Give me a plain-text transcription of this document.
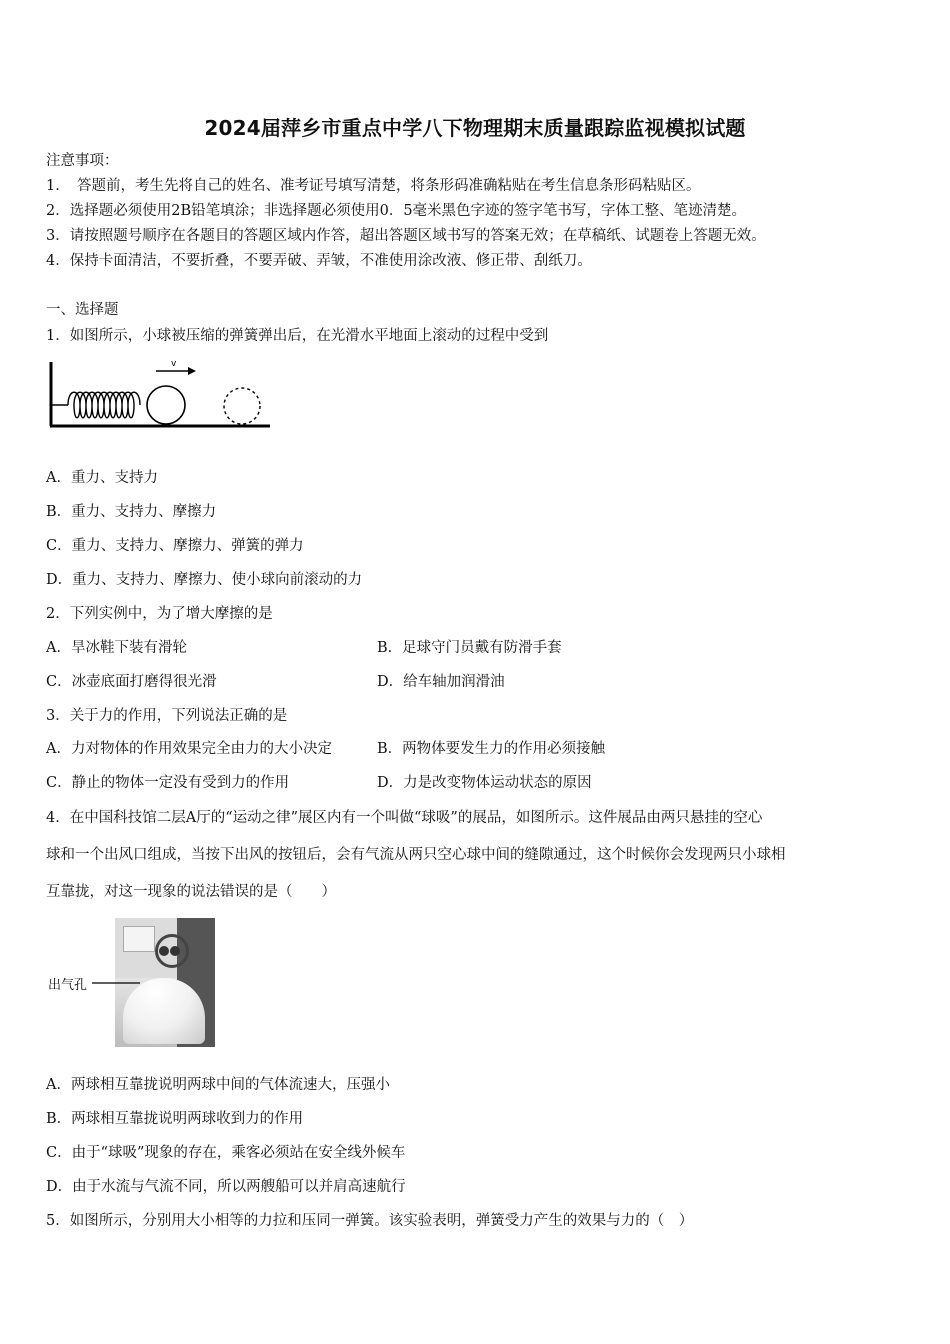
2024届萍乡市重点中学八下物理期末质量跟踪监视模拟试题
注意事项：
1．　答题前，考生先将自己的姓名、准考证号填写清楚，将条形码准确粘贴在考生信息条形码粘贴区。
2．选择题必须使用2B铅笔填涂；非选择题必须使用0．5毫米黑色字迹的签字笔书写，字体工整、笔迹清楚。
3．请按照题号顺序在各题目的答题区域内作答，超出答题区域书写的答案无效；在草稿纸、试题卷上答题无效。
4．保持卡面清洁，不要折叠，不要弄破、弄皱，不准使用涂改液、修正带、刮纸刀。
一、选择题
1．如图所示，小球被压缩的弹簧弹出后，在光滑水平地面上滚动的过程中受到
v
A．重力、支持力
B．重力、支持力、摩擦力
C．重力、支持力、摩擦力、弹簧的弹力
D．重力、支持力、摩擦力、使小球向前滚动的力
2．下列实例中，为了增大摩擦的是
A．旱冰鞋下装有滑轮	B．足球守门员戴有防滑手套
C．冰壶底面打磨得很光滑	D．给车轴加润滑油
3．关于力的作用，下列说法正确的是
A．力对物体的作用效果完全由力的大小决定	B．两物体要发生力的作用必须接触
C．静止的物体一定没有受到力的作用	D．力是改变物体运动状态的原因
4．在中国科技馆二层A厅的“运动之律”展区内有一个叫做“球吸”的展品，如图所示。这件展品由两只悬挂的空心
球和一个出风口组成，当按下出风的按钮后，会有气流从两只空心球中间的缝隙通过，这个时候你会发现两只小球相
互靠拢，对这一现象的说法错误的是（　　）
出气孔
A．两球相互靠拢说明两球中间的气体流速大，压强小
B．两球相互靠拢说明两球收到力的作用
C．由于“球吸”现象的存在，乘客必须站在安全线外候车
D．由于水流与气流不同，所以两艘船可以并肩高速航行
5．如图所示，分别用大小相等的力拉和压同一弹簧。该实验表明，弹簧受力产生的效果与力的（　）
